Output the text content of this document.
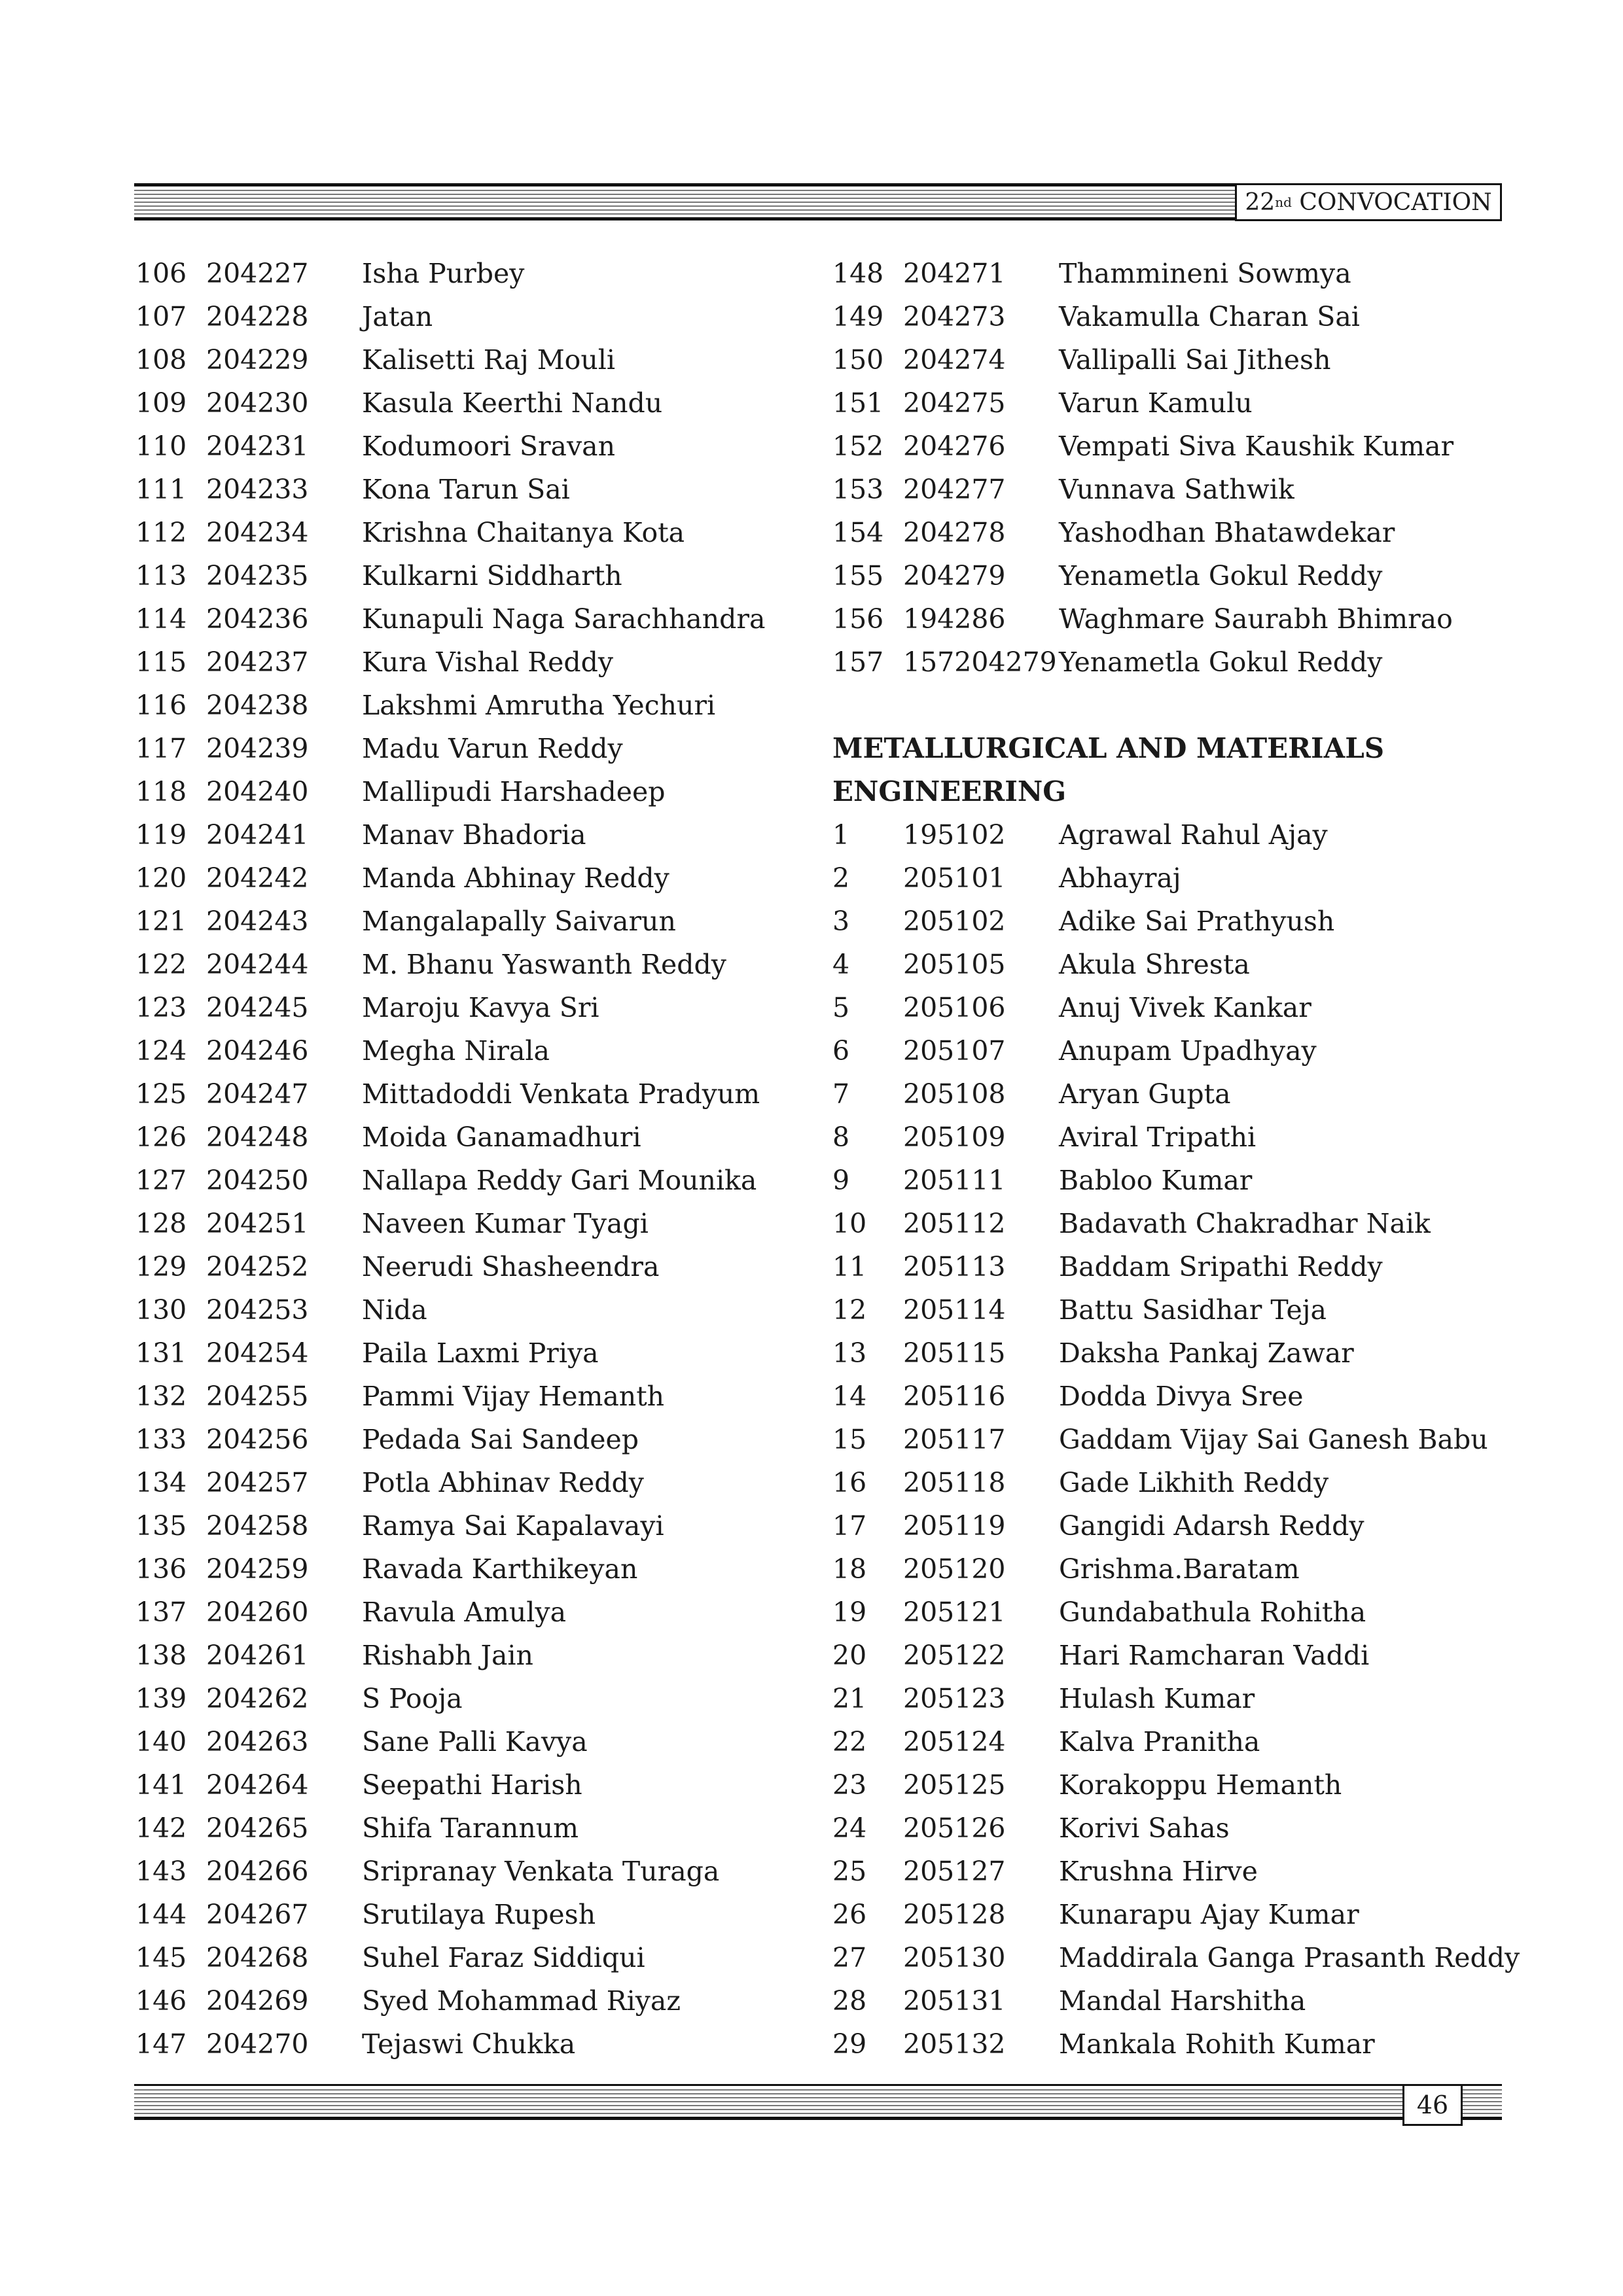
22 nd CONVOCATION
106 204227 Isha Purbey
107 204228 Jatan
108 204229 Kalisetti Raj Mouli
109 204230 Kasula Keerthi Nandu
110 204231 Kodumoori Sravan
111 204233 Kona Tarun Sai
112 204234 Krishna Chaitanya Kota
113 204235 Kulkarni Siddharth
114 204236 Kunapuli Naga Sarachhandra
115 204237 Kura Vishal Reddy
116 204238 Lakshmi Amrutha Yechuri
117 204239 Madu Varun Reddy
118 204240 Mallipudi Harshadeep
119 204241 Manav Bhadoria
120 204242 Manda Abhinay Reddy
121 204243 Mangalapally Saivarun
122 204244 M. Bhanu Yaswanth Reddy
123 204245 Maroju Kavya Sri
124 204246 Megha Nirala
125 204247 Mittadoddi Venkata Pradyum
126 204248 Moida Ganamadhuri
127 204250 Nallapa Reddy Gari Mounika
128 204251 Naveen Kumar Tyagi
129 204252 Neerudi Shasheendra
130 204253 Nida
131 204254 Paila Laxmi Priya
132 204255 Pammi Vijay Hemanth
133 204256 Pedada Sai Sandeep
134 204257 Potla Abhinav Reddy
135 204258 Ramya Sai Kapalavayi
136 204259 Ravada Karthikeyan
137 204260 Ravula Amulya
138 204261 Rishabh Jain
139 204262 S Pooja
140 204263 Sane Palli Kavya
141 204264 Seepathi Harish
142 204265 Shifa Tarannum
143 204266 Sripranay Venkata Turaga
144 204267 Srutilaya Rupesh
145 204268 Suhel Faraz Siddiqui
146 204269 Syed Mohammad Riyaz
147 204270 Tejaswi Chukka
148 204271 Thammineni Sowmya
149 204273 Vakamulla Charan Sai
150 204274 Vallipalli Sai Jithesh
151 204275 Varun Kamulu
152 204276 Vempati Siva Kaushik Kumar
153 204277 Vunnava Sathwik
154 204278 Yashodhan Bhatawdekar
155 204279 Yenametla Gokul Reddy
156 194286 Waghmare Saurabh Bhimrao
157 157204279 Yenametla Gokul Reddy
METALLURGICAL AND MATERIALS
ENGINEERING
1 195102 Agrawal Rahul Ajay
2 205101 Abhayraj
3 205102 Adike Sai Prathyush
4 205105 Akula Shresta
5 205106 Anuj Vivek Kankar
6 205107 Anupam Upadhyay
7 205108 Aryan Gupta
8 205109 Aviral Tripathi
9 205111 Babloo Kumar
10 205112 Badavath Chakradhar Naik
11 205113 Baddam Sripathi Reddy
12 205114 Battu Sasidhar Teja
13 205115 Daksha Pankaj Zawar
14 205116 Dodda Divya Sree
15 205117 Gaddam Vijay Sai Ganesh Babu
16 205118 Gade Likhith Reddy
17 205119 Gangidi Adarsh Reddy
18 205120 Grishma.Baratam
19 205121 Gundabathula Rohitha
20 205122 Hari Ramcharan Vaddi
21 205123 Hulash Kumar
22 205124 Kalva Pranitha
23 205125 Korakoppu Hemanth
24 205126 Korivi Sahas
25 205127 Krushna Hirve
26 205128 Kunarapu Ajay Kumar
27 205130 Maddirala Ganga Prasanth Reddy
28 205131 Mandal Harshitha
29 205132 Mankala Rohith Kumar
46
